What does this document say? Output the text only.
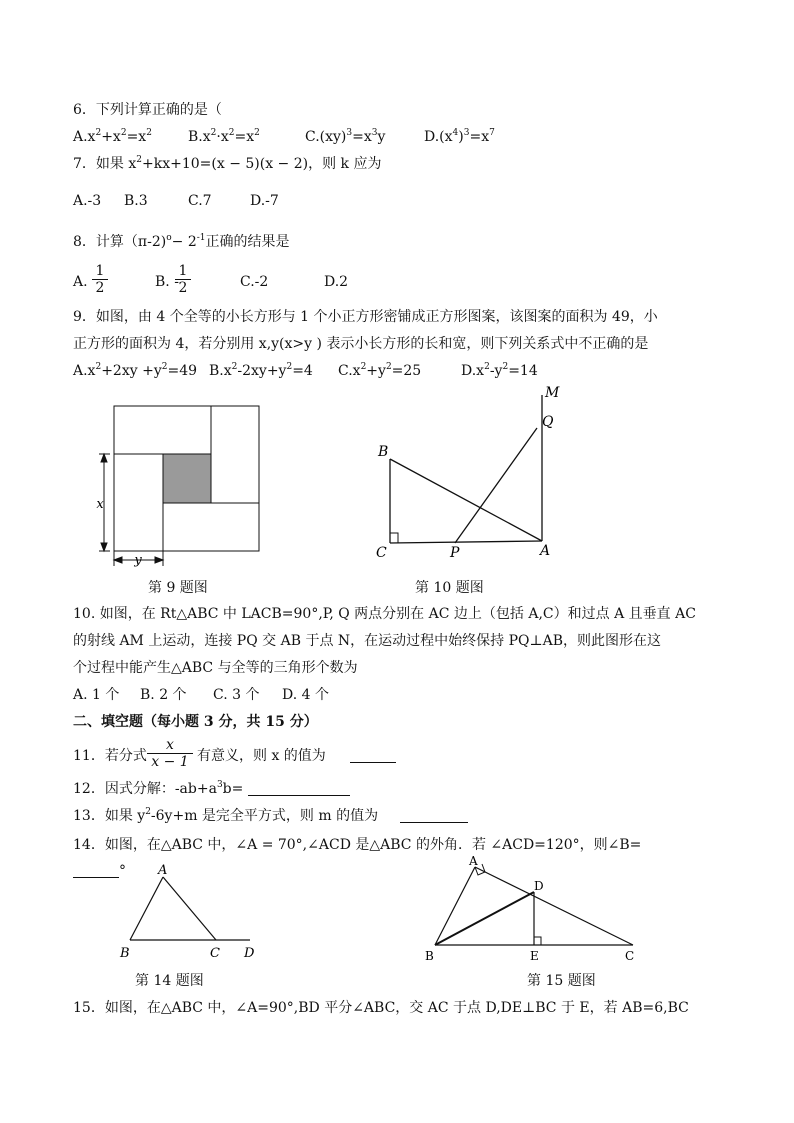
6．下列计算正确的是（
$A.x^2+x^2=x^2$	$B.x^2\cdot x^2=x^2$	$C.(xy)^3=x^3y$	$D.(x^4)^3=x^7$
7．如果 $x^2+kx+10=(x - 5)(x - 2)$，则 k 应为
A.-3 B.3	C.7	D.-7
8．计算$(\pi-2)^o- 2^{-1}$正确的结果是
A. $\frac{1}{2}$	B. -
$\frac{1}{2}$	C.-2	D.2
9．如图，由 4 个全等的小长方形与 1 个小正方形密铺成正方形图案，该图案的面积为 49，小
正方形的面积为 4，若分别用 x,y(x>y ) 表示小长方形的长和宽，则下列关系式中不正确的是
$A.x^2+2xy +y^2=49$ $B.x^2-2xy+y^2=4$ $C.x^2+y^2=25$	$D.x^2-y^2=14$
x
y
第 9 题图
M
Q
B
C	P	A
第 10 题图
10. 如图，在 Rt△ABC 中 LACB=90°,P, Q 两点分别在 AC 边上（包括 A,C）和过点 A 且垂直 AC
的射线 AM 上运动，连接 PQ 交 AB 于点 N，在运动过程中始终保持 PQ⊥AB，则此图形在这
个过程中能产生△ABC 与全等的三角形个数为
A. 1 个 B. 2 个 C. 3 个 D. 4 个
二、填空题（每小题 3 分，共 15 分）
11．若分式 $\frac{x}{x - 1}$ 有意义，则 x 的值为
12．因式分解：$-ab+a^3b=$
13．如果 $y^2-6y+m$ 是完全平方式，则 m 的值为
14．如图，在△ABC 中，∠A = 70°,∠ACD 是△ABC 的外角．若 ∠ACD=120°，则∠B=
° A
B	C D
第 14 题图
A
D
B	E	C
第 15 题图
15．如图，在△ABC 中，∠A=90°,BD 平分∠ABC，交 AC 于点 D,DE⊥BC 于 E，若 AB=6,BC
